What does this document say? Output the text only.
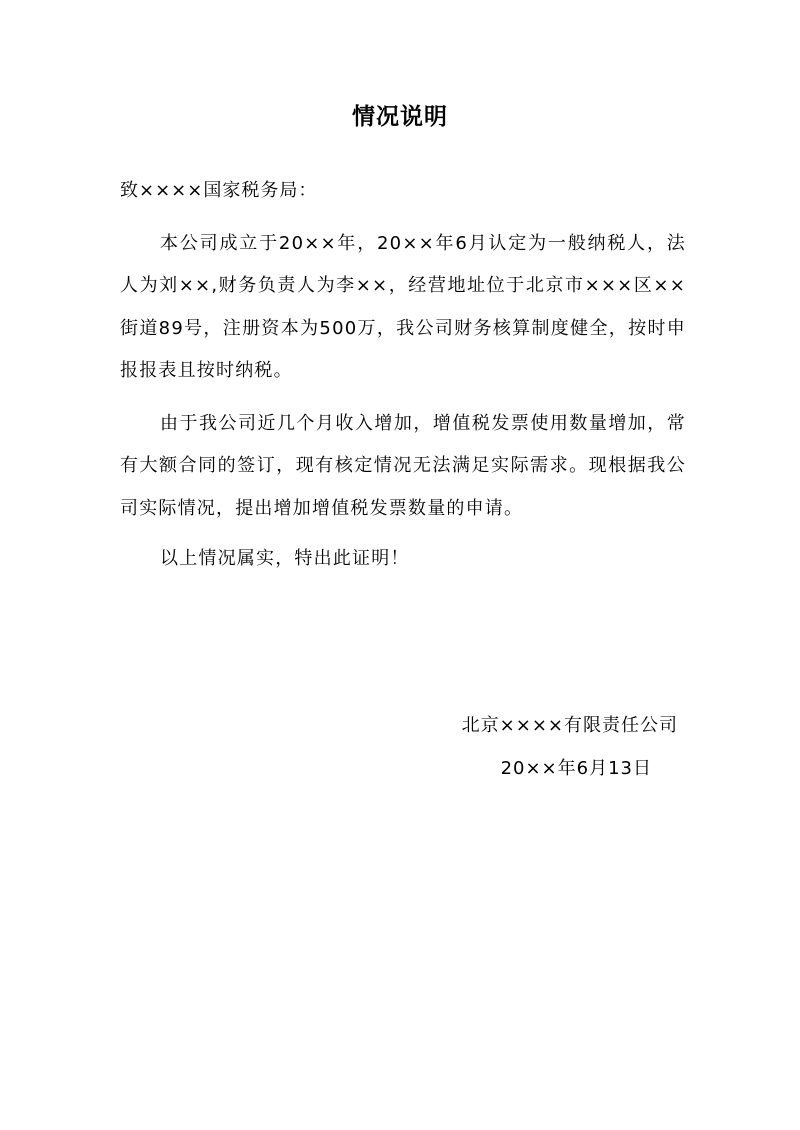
情况说明
致××××国家税务局：

本公司成立于20××年，20××年6月认定为一般纳税人，法人为刘××,财务负责人为李××，经营地址位于北京市×××区××街道89号，注册资本为500万，我公司财务核算制度健全，按时申报报表且按时纳税。

由于我公司近几个月收入增加，增值税发票使用数量增加，常有大额合同的签订，现有核定情况无法满足实际需求。现根据我公司实际情况，提出增加增值税发票数量的申请。

以上情况属实，特出此证明！

北京××××有限责任公司
20××年6月13日
